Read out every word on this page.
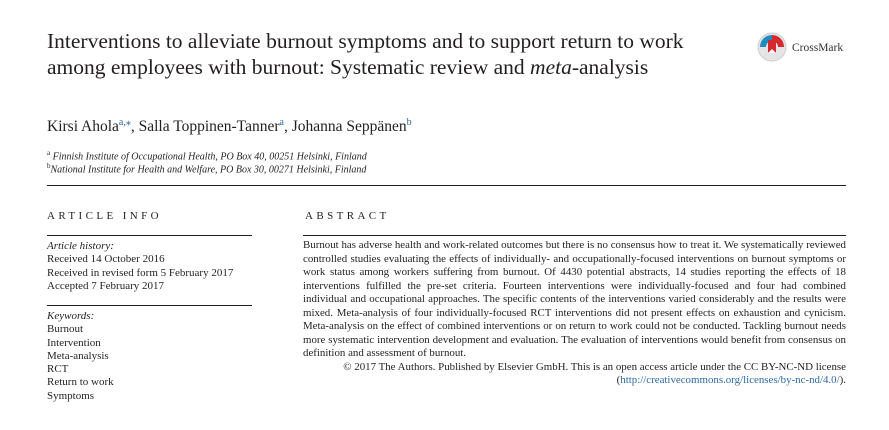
Interventions to alleviate burnout symptoms and to support return to work among employees with burnout: Systematic review and meta-analysis
CrossMark
Kirsi Ahola$^{a,⁎}$, Salla Toppinen-Tanner$^a$, Johanna Seppänen$^b$
$^a$ Finnish Institute of Occupational Health, PO Box 40, 00251 Helsinki, Finland
$^b$National Institute for Health and Welfare, PO Box 30, 00271 Helsinki, Finland
ARTICLE INFO	ABSTRACT
Article history:
Received 14 October 2016
Received in revised form 5 February 2017
Accepted 7 February 2017
Keywords:
Burnout
Intervention
Meta-analysis
RCT
Return to work
Symptoms

Burnout has adverse health and work-related outcomes but there is no consensus how to treat it. We systematically reviewed controlled studies evaluating the effects of individually- and occupationally-focused interventions on burnout symptoms or work status among workers suffering from burnout. Of 4430 potential abstracts, 14 studies reporting the effects of 18 interventions fulfilled the pre-set criteria. Fourteen interventions were individually-focused and four had combined individual and occupational approaches. The specific contents of the interventions varied considerably and the results were mixed. Meta-analysis of four individually-focused RCT interventions did not present effects on exhaustion and cynicism. Meta-analysis on the effect of combined interventions or on return to work could not be conducted. Tackling burnout needs more systematic intervention development and evaluation. The evaluation of interventions would benefit from consensus on definition and assessment of burnout.

© 2017 The Authors. Published by Elsevier GmbH. This is an open access article under the CC BY-NC-ND license (http://creativecommons.org/licenses/by-nc-nd/4.0/).
